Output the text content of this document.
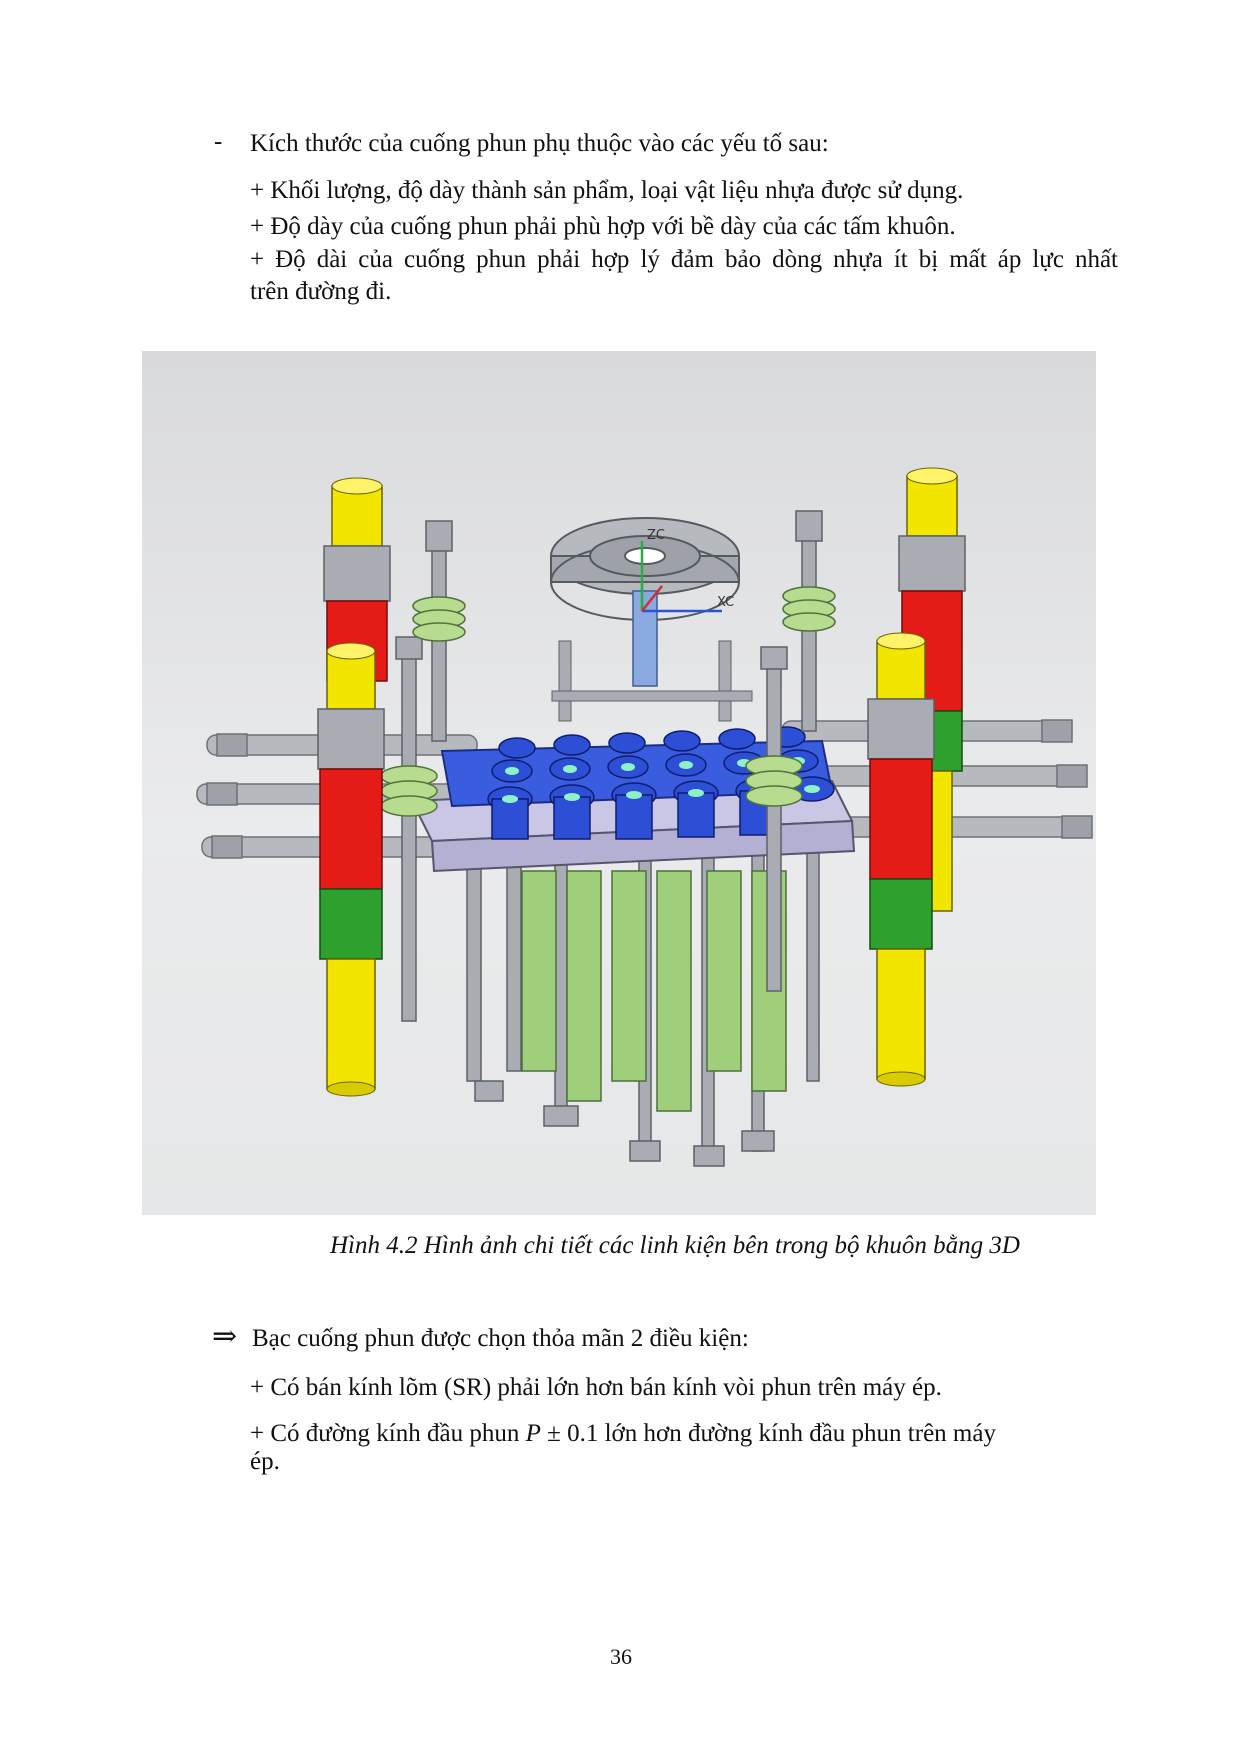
- Kích thước của cuống phun phụ thuộc vào các yếu tố sau:
+ Khối lượng, độ dày thành sản phẩm, loại vật liệu nhựa được sử dụng.
+ Độ dày của cuống phun phải phù hợp với bề dày của các tấm khuôn.
+ Độ dài của cuống phun phải hợp lý đảm bảo dòng nhựa ít bị mất áp lực nhất
trên đường đi.
ZC
XC
Hình 4.2 Hình ảnh chi tiết các linh kiện bên trong bộ khuôn bằng 3D
⇒ Bạc cuống phun được chọn thỏa mãn 2 điều kiện:
+ Có bán kính lõm (SR) phải lớn hơn bán kính vòi phun trên máy ép.
+ Có đường kính đầu phun P ± 0.1 lớn hơn đường kính đầu phun trên máy
ép.
36
